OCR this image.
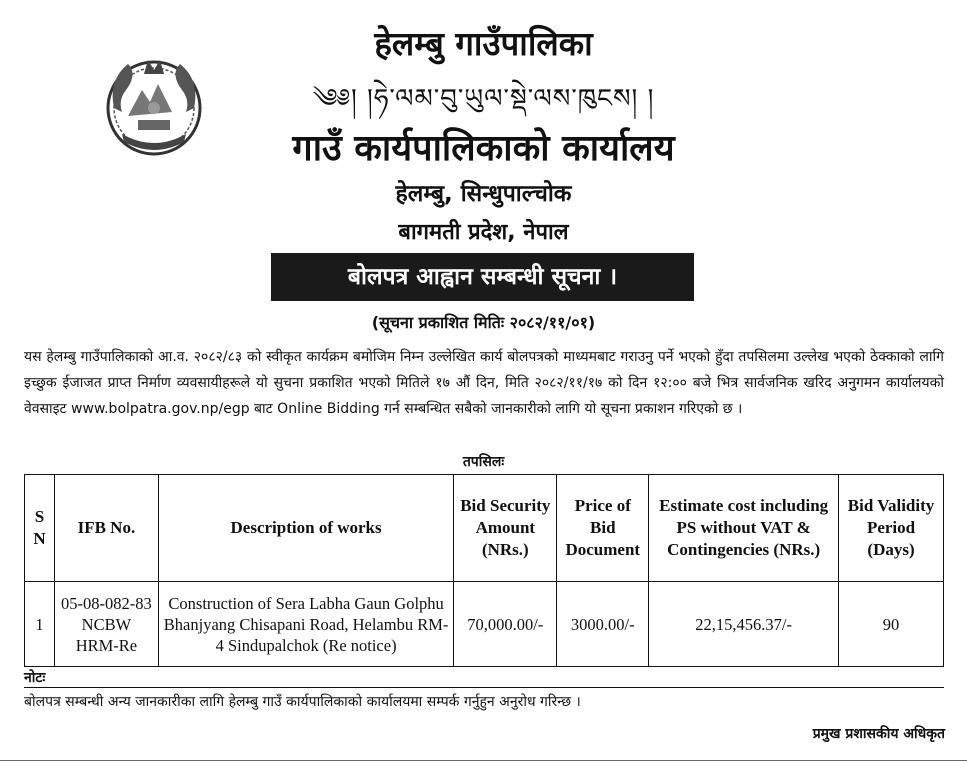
हेलम्बु गाउँपालिका
༄༅། །ཧེ་ལམ་བུ་ཡུལ་སྡེ་ལས་ཁུངས། །
गाउँ कार्यपालिकाको कार्यालय
हेलम्बु, सिन्धुपाल्चोक
बागमती प्रदेश, नेपाल
बोलपत्र आह्वान सम्बन्धी सूचना ।
(सूचना प्रकाशित मितिः २०८२/११/०१)
यस हेलम्बु गाउँपालिकाको आ.व. २०८२/८३ को स्वीकृत कार्यक्रम बमोजिम निम्न उल्लेखित कार्य बोलपत्रको माध्यमबाट गराउनु पर्ने भएको हुँदा तपसिलमा उल्लेख भएको ठेक्काको लागि इच्छुक ईजाजत प्राप्त निर्माण व्यवसायीहरूले यो सुचना प्रकाशित भएको मितिले १७ औं दिन, मिति २०८२/११/१७ को दिन १२:०० बजे भित्र सार्वजनिक खरिद अनुगमन कार्यालयको वेवसाइट www.bolpatra.gov.np/egp बाट Online Bidding गर्न सम्बन्धित सबैको जानकारीको लागि यो सूचना प्रकाशन गरिएको छ ।
तपसिलः
S N	IFB No.	Description of works	Bid Security Amount (NRs.)	Price of Bid Document	Estimate cost including PS without VAT & Contingencies (NRs.)	Bid Validity Period (Days)
1	05-08-082-83 NCBW HRM-Re	Construction of Sera Labha Gaun Golphu Bhanjyang Chisapani Road, Helambu RM-4 Sindupalchok (Re notice)	70,000.00/-	3000.00/-	22,15,456.37/-	90
नोटः
बोलपत्र सम्बन्धी अन्य जानकारीका लागि हेलम्बु गाउँ कार्यपालिकाको कार्यालयमा सम्पर्क गर्नुहुन अनुरोध गरिन्छ ।
प्रमुख प्रशासकीय अधिकृत
